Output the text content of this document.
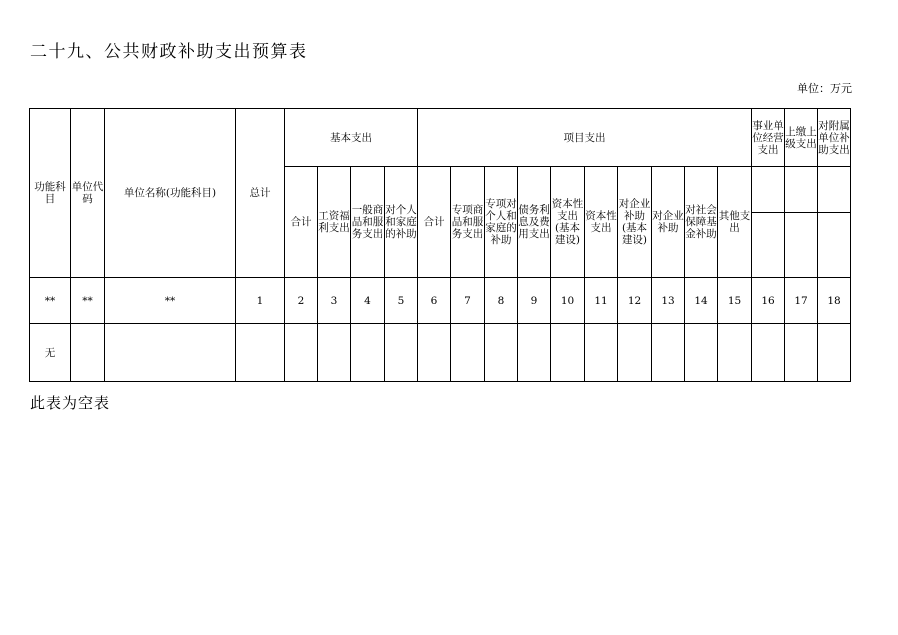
二十九、公共财政补助支出预算表
单位：万元
功能科目	单位代码	单位名称(功能科目)	总计	基本支出				项目支出										事业单位经营支出	上缴上级支出	对附属单位补助支出
				合计	工资福利支出	一般商品和服务支出	对个人和家庭的补助	合计	专项商品和服务支出	专项对个人和家庭的补助	债务利息及费用支出	资本性支出(基本建设)	资本性支出	对企业补助(基本建设)	对企业补助	对社会保障基金补助	其他支出			

**	**	**	1	2	3	4	5	6	7	8	9	10	11	12	13	14	15	16	17	18
无																				
此表为空表
